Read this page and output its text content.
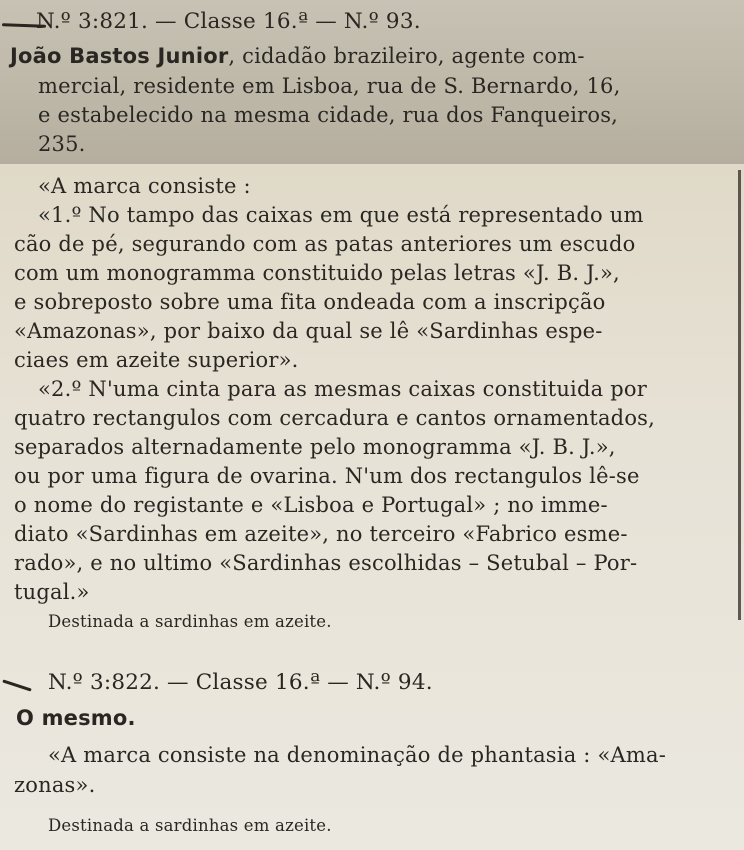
N.º 3:821. — Classe 16.ª — N.º 93.
João Bastos Junior, cidadão brazileiro, agente com-
mercial, residente em Lisboa, rua de S. Bernardo, 16,
e estabelecido na mesma cidade, rua dos Fanqueiros,
235.
«A marca consiste :
«1.º No tampo das caixas em que está representado um
cão de pé, segurando com as patas anteriores um escudo
com um monogramma constituido pelas letras «J. B. J.»,
e sobreposto sobre uma fita ondeada com a inscripção
«Amazonas», por baixo da qual se lê «Sardinhas espe-
ciaes em azeite superior».
«2.º N'uma cinta para as mesmas caixas constituida por
quatro rectangulos com cercadura e cantos ornamentados,
separados alternadamente pelo monogramma «J. B. J.»,
ou por uma figura de ovarina. N'um dos rectangulos lê-se
o nome do registante e «Lisboa e Portugal» ; no imme-
diato «Sardinhas em azeite», no terceiro «Fabrico esme-
rado», e no ultimo «Sardinhas escolhidas – Setubal – Por-
tugal.»
Destinada a sardinhas em azeite.
N.º 3:822. — Classe 16.ª — N.º 94.
O mesmo.
«A marca consiste na denominação de phantasia : «Ama-
zonas».
Destinada a sardinhas em azeite.
